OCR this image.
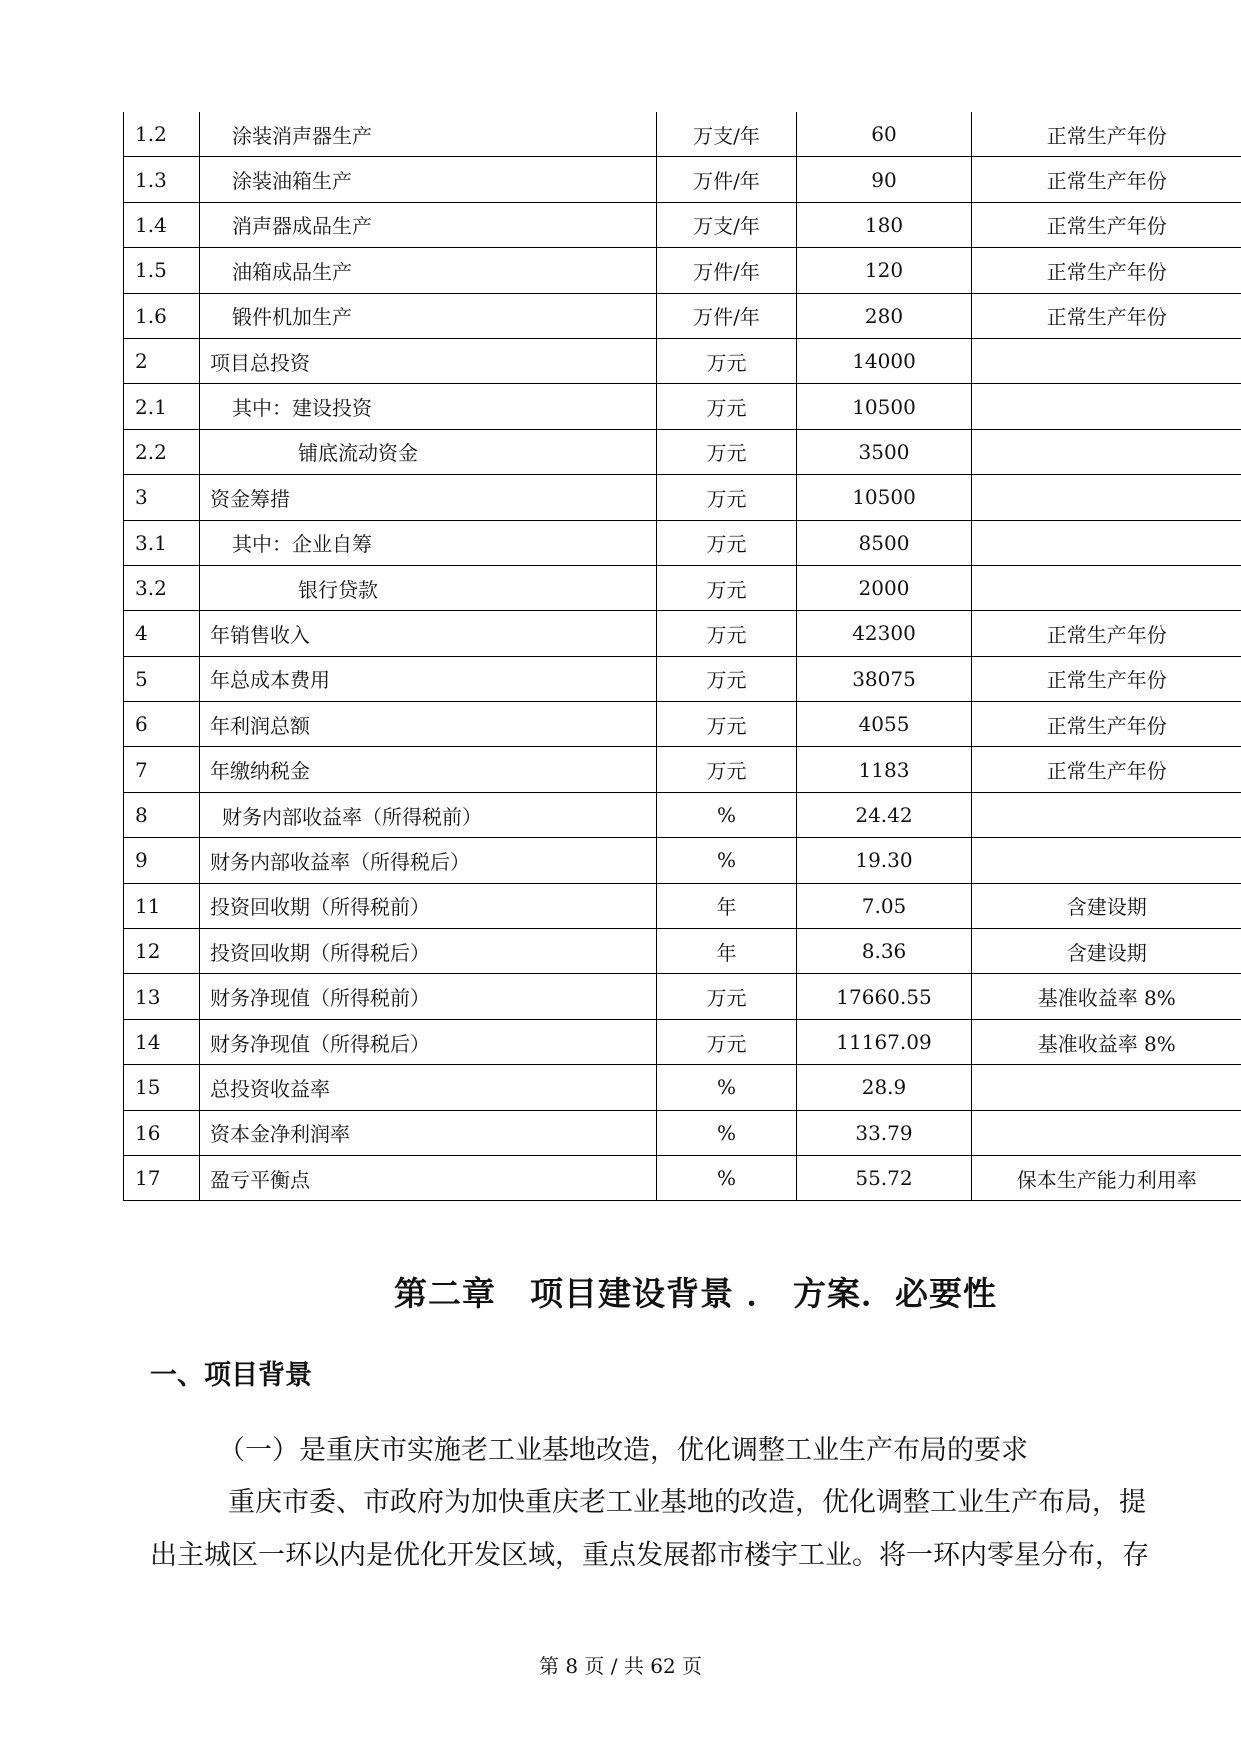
1.2	涂装消声器生产	万支/年	60	正常生产年份
1.3	涂装油箱生产	万件/年	90	正常生产年份
1.4	消声器成品生产	万支/年	180	正常生产年份
1.5	油箱成品生产	万件/年	120	正常生产年份
1.6	锻件机加生产	万件/年	280	正常生产年份
2	项目总投资	万元	14000	
2.1	其中：建设投资	万元	10500	
2.2	铺底流动资金	万元	3500	
3	资金筹措	万元	10500	
3.1	其中：企业自筹	万元	8500	
3.2	银行贷款	万元	2000	
4	年销售收入	万元	42300	正常生产年份
5	年总成本费用	万元	38075	正常生产年份
6	年利润总额	万元	4055	正常生产年份
7	年缴纳税金	万元	1183	正常生产年份
8	财务内部收益率（所得税前）	%	24.42	
9	财务内部收益率（所得税后）	%	19.30	
11	投资回收期（所得税前）	年	7.05	含建设期
12	投资回收期（所得税后）	年	8.36	含建设期
13	财务净现值（所得税前）	万元	17660.55	基准收益率 8%
14	财务净现值（所得税后）	万元	11167.09	基准收益率 8%
15	总投资收益率	%	28.9	
16	资本金净利润率	%	33.79	
17	盈亏平衡点	%	55.72	保本生产能力利用率
第二章　项目建设背景 ． 方案．必要性
一、项目背景
（一）是重庆市实施老工业基地改造，优化调整工业生产布局的要求
重庆市委、市政府为加快重庆老工业基地的改造，优化调整工业生产布局，提
出主城区一环以内是优化开发区域，重点发展都市楼宇工业。将一环内零星分布，存
第 8 页 / 共 62 页
